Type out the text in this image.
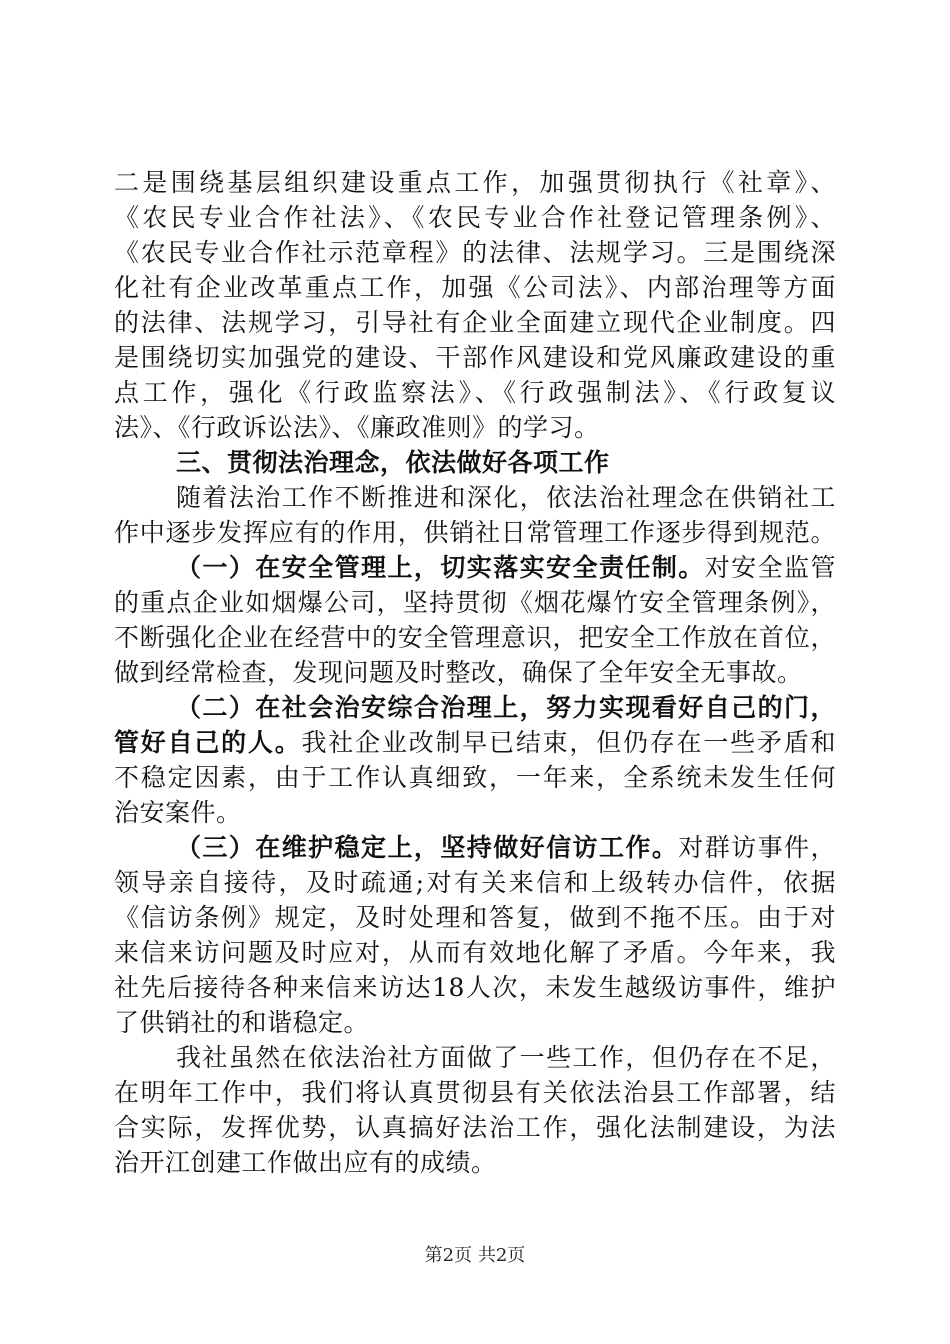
二是围绕基层组织建设重点工作，加强贯彻执行《社章》、
《农民专业合作社法》、《农民专业合作社登记管理条例》、
《农民专业合作社示范章程》的法律、法规学习。三是围绕深
化社有企业改革重点工作，加强《公司法》、内部治理等方面
的法律、法规学习，引导社有企业全面建立现代企业制度。四
是围绕切实加强党的建设、干部作风建设和党风廉政建设的重
点工作，强化《行政监察法》、《行政强制法》、《行政复议
法》、《行政诉讼法》、《廉政准则》的学习。
三、贯彻法治理念，依法做好各项工作
随着法治工作不断推进和深化，依法治社理念在供销社工
作中逐步发挥应有的作用，供销社日常管理工作逐步得到规范。
（一）在安全管理上，切实落实安全责任制。对安全监管
的重点企业如烟爆公司，坚持贯彻《烟花爆竹安全管理条例》，
不断强化企业在经营中的安全管理意识，把安全工作放在首位，
做到经常检查，发现问题及时整改，确保了全年安全无事故。
（二）在社会治安综合治理上，努力实现看好自己的门，
管好自己的人。我社企业改制早已结束，但仍存在一些矛盾和
不稳定因素，由于工作认真细致，一年来，全系统未发生任何
治安案件。
（三）在维护稳定上，坚持做好信访工作。对群访事件，
领导亲自接待，及时疏通;对有关来信和上级转办信件，依据
《信访条例》规定，及时处理和答复，做到不拖不压。由于对
来信来访问题及时应对，从而有效地化解了矛盾。今年来，我
社先后接待各种来信来访达18人次，未发生越级访事件，维护
了供销社的和谐稳定。
我社虽然在依法治社方面做了一些工作，但仍存在不足，
在明年工作中，我们将认真贯彻县有关依法治县工作部署，结
合实际，发挥优势，认真搞好法治工作，强化法制建设，为法
治开江创建工作做出应有的成绩。
第2页 共2页
